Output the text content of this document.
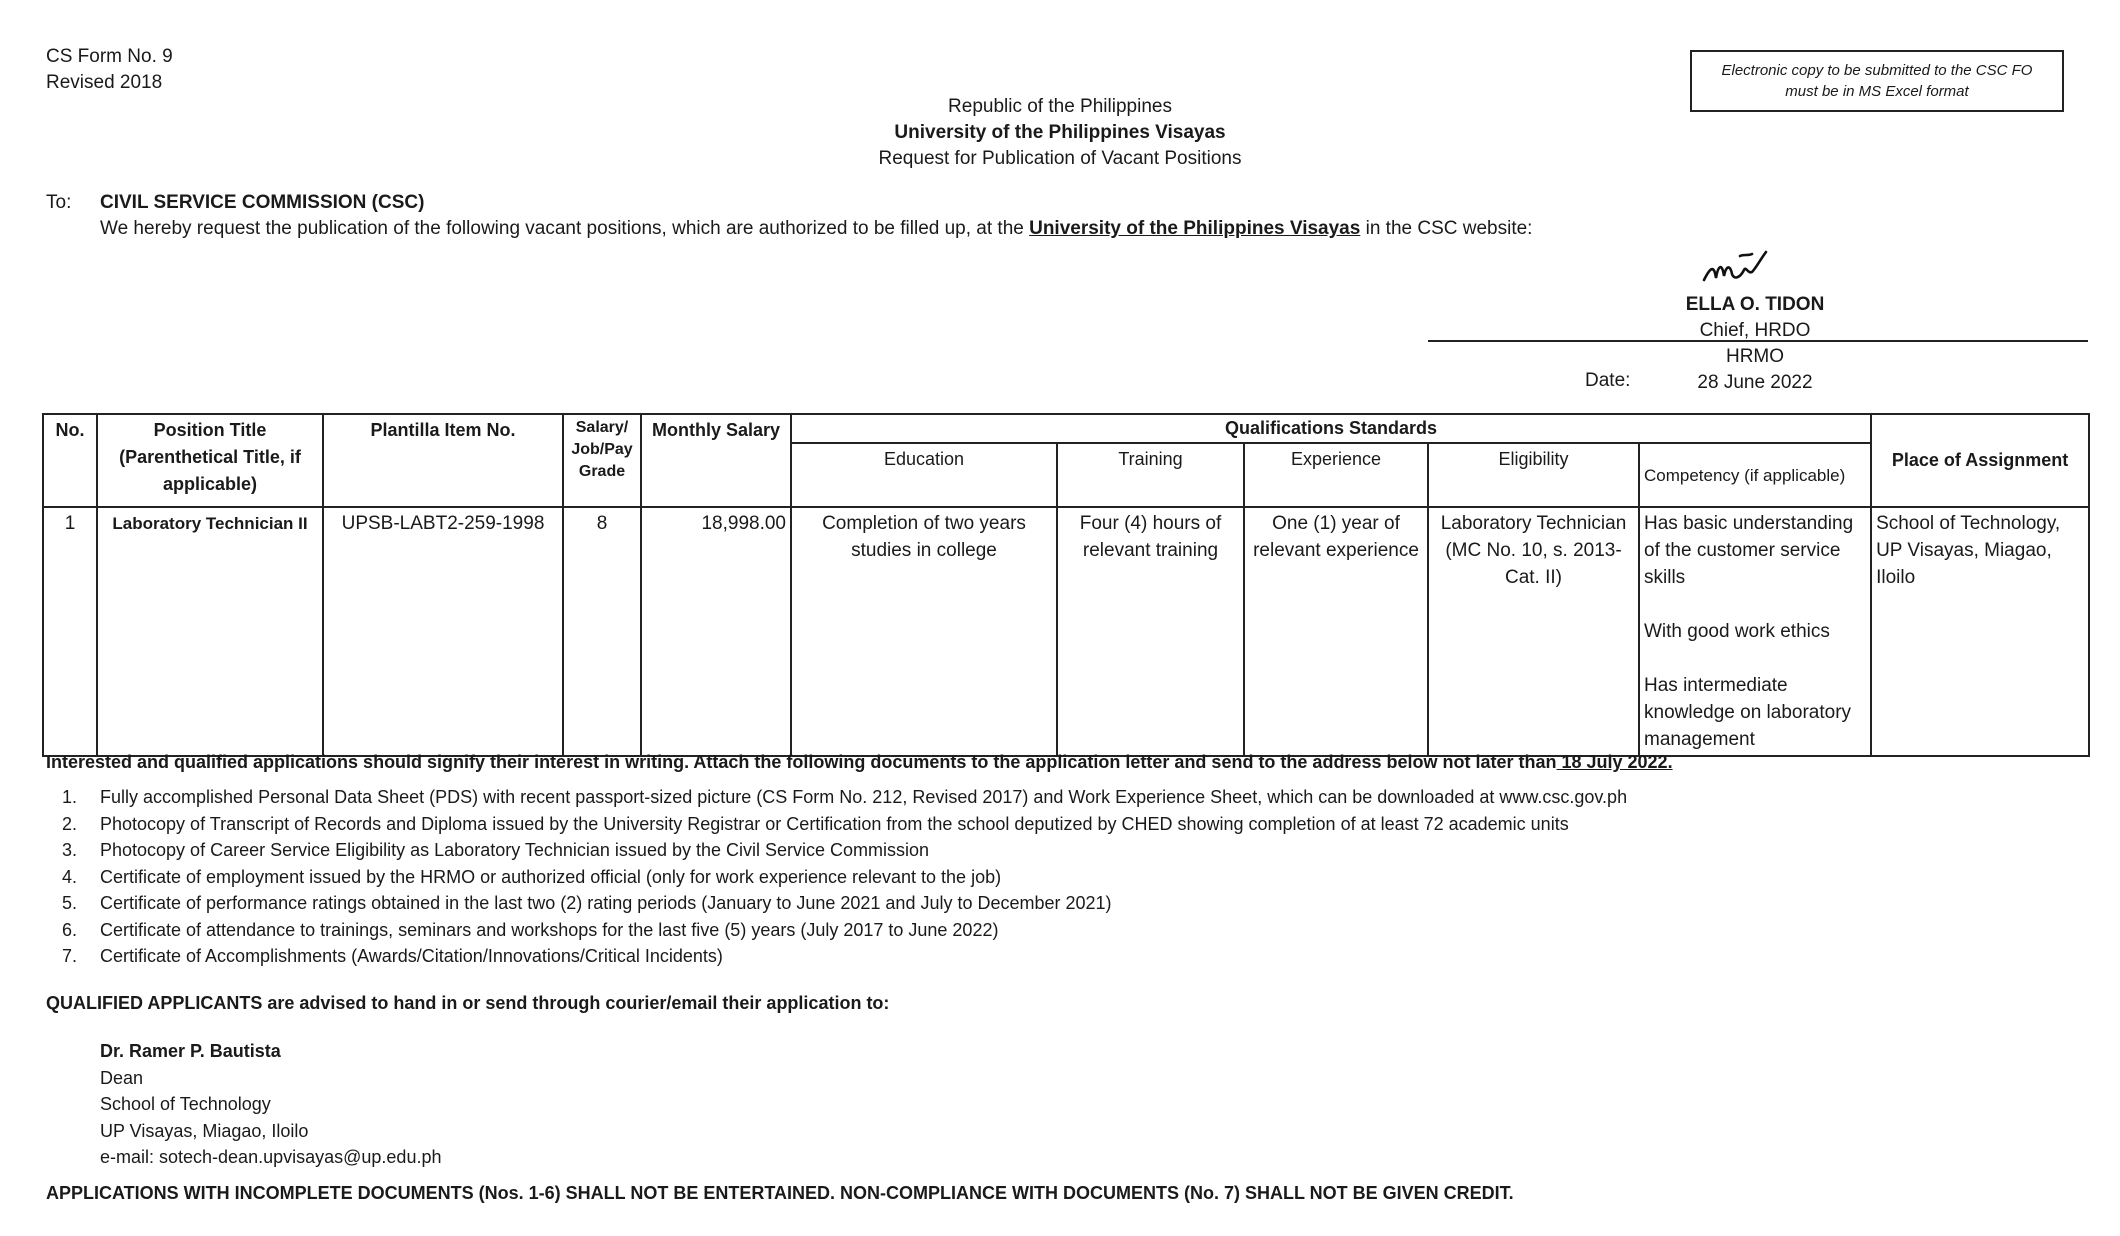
CS Form No. 9
Revised 2018
Electronic copy to be submitted to the CSC FO
must be in MS Excel format
Republic of the Philippines
University of the Philippines Visayas
Request for Publication of Vacant Positions
To: CIVIL SERVICE COMMISSION (CSC)
We hereby request the publication of the following vacant positions, which are authorized to be filled up, at the University of the Philippines Visayas in the CSC website:
ELLA O. TIDON
Chief, HRDO
HRMO
28 June 2022
Date:
No.	Position Title (Parenthetical Title, if applicable)	Plantilla Item No.	Salary/ Job/Pay Grade	Monthly Salary	Qualifications Standards					Place of Assignment
					Education	Training	Experience	Eligibility	Competency (if applicable)	
1	Laboratory Technician II	UPSB-LABT2-259-1998	8	18,998.00	Completion of two years studies in college	Four (4) hours of relevant training	One (1) year of relevant experience	Laboratory Technician (MC No. 10, s. 2013-Cat. II)	Has basic understanding of the customer service skills
With good work ethics
Has intermediate knowledge on laboratory management	School of Technology, UP Visayas, Miagao, Iloilo
Interested and qualified applications should signify their interest in writing. Attach the following documents to the application letter and send to the address below not later than 18 July 2022.
1. Fully accomplished Personal Data Sheet (PDS) with recent passport-sized picture (CS Form No. 212, Revised 2017) and Work Experience Sheet, which can be downloaded at www.csc.gov.ph
2. Photocopy of Transcript of Records and Diploma issued by the University Registrar or Certification from the school deputized by CHED showing completion of at least 72 academic units
3. Photocopy of Career Service Eligibility as Laboratory Technician issued by the Civil Service Commission
4. Certificate of employment issued by the HRMO or authorized official (only for work experience relevant to the job)
5. Certificate of performance ratings obtained in the last two (2) rating periods (January to June 2021 and July to December 2021)
6. Certificate of attendance to trainings, seminars and workshops for the last five (5) years (July 2017 to June 2022)
7. Certificate of Accomplishments (Awards/Citation/Innovations/Critical Incidents)
QUALIFIED APPLICANTS are advised to hand in or send through courier/email their application to:
Dr. Ramer P. Bautista
Dean
School of Technology
UP Visayas, Miagao, Iloilo
e-mail: sotech-dean.upvisayas@up.edu.ph
APPLICATIONS WITH INCOMPLETE DOCUMENTS (Nos. 1-6) SHALL NOT BE ENTERTAINED. NON-COMPLIANCE WITH DOCUMENTS (No. 7) SHALL NOT BE GIVEN CREDIT.
